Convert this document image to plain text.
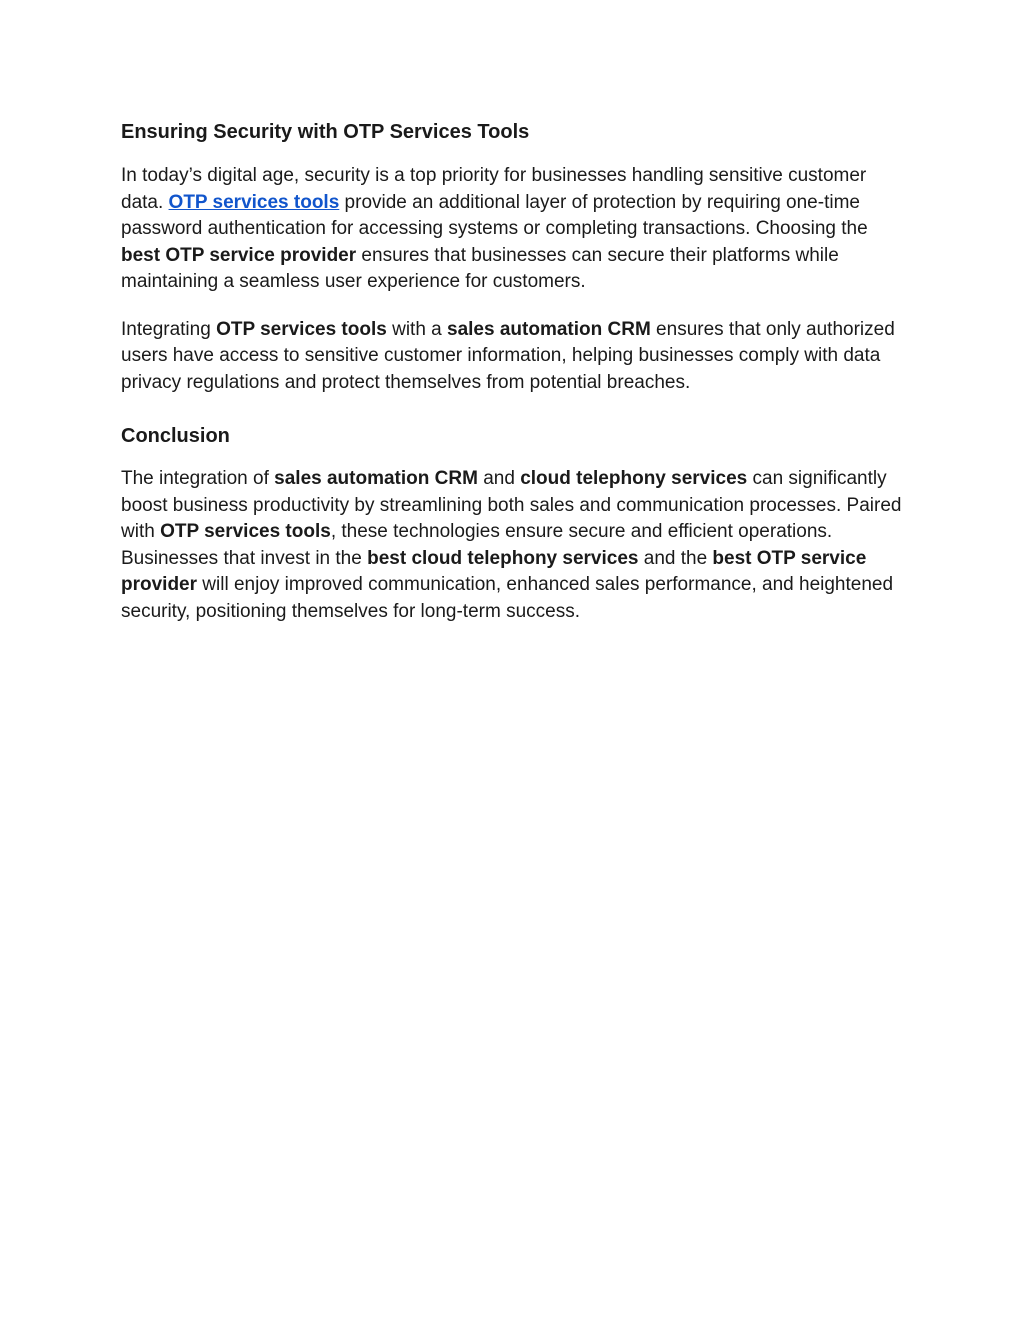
Ensuring Security with OTP Services Tools

In today’s digital age, security is a top priority for businesses handling sensitive customer data. OTP services tools provide an additional layer of protection by requiring one-time password authentication for accessing systems or completing transactions. Choosing the best OTP service provider ensures that businesses can secure their platforms while maintaining a seamless user experience for customers.

Integrating OTP services tools with a sales automation CRM ensures that only authorized users have access to sensitive customer information, helping businesses comply with data privacy regulations and protect themselves from potential breaches.

Conclusion

The integration of sales automation CRM and cloud telephony services can significantly boost business productivity by streamlining both sales and communication processes. Paired with OTP services tools, these technologies ensure secure and efficient operations. Businesses that invest in the best cloud telephony services and the best OTP service provider will enjoy improved communication, enhanced sales performance, and heightened security, positioning themselves for long-term success.
